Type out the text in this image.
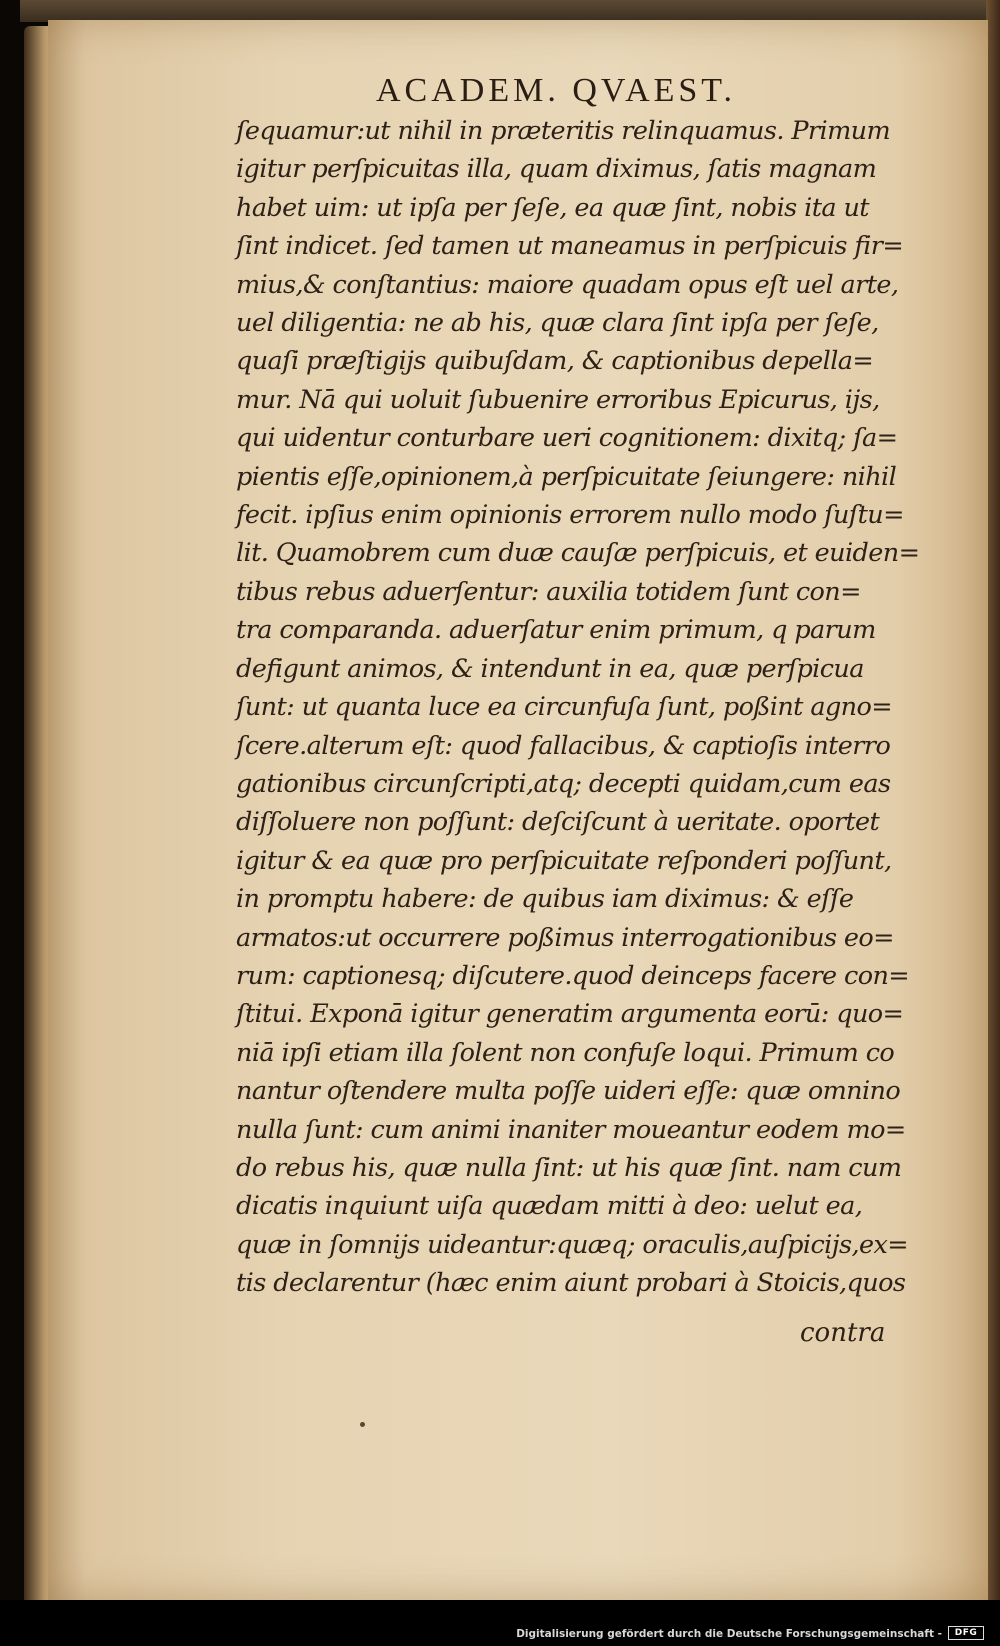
ACADEM. QVAEST.
ſequamur:ut nihil in præteritis relinquamus. Primum
igitur perſpicuitas illa, quam diximus, ſatis magnam
habet uim: ut ipſa per ſeſe, ea quæ ſint, nobis ita ut
ſint indicet. ſed tamen ut maneamus in perſpicuis fir=
mius,& conſtantius: maiore quadam opus eſt uel arte,
uel diligentia: ne ab his, quæ clara ſint ipſa per ſeſe,
quaſi præſtigijs quibuſdam, & captionibus depella=
mur. Nā qui uoluit ſubuenire erroribus Epicurus, ijs,
qui uidentur conturbare ueri cognitionem: dixitq; ſa=
pientis eſſe,opinionem,à perſpicuitate ſeiungere: nihil
fecit. ipſius enim opinionis errorem nullo modo ſuſtu=
lit. Quamobrem cum duæ cauſæ perſpicuis, et euiden=
tibus rebus aduerſentur: auxilia totidem ſunt con=
tra comparanda. aduerſatur enim primum, q parum
defigunt animos, & intendunt in ea, quæ perſpicua
ſunt: ut quanta luce ea circunfuſa ſunt, poßint agno=
ſcere.alterum eſt: quod fallacibus, & captioſis interro
gationibus circunſcripti,atq; decepti quidam,cum eas
diſſoluere non poſſunt: deſciſcunt à ueritate. oportet
igitur & ea quæ pro perſpicuitate reſponderi poſſunt,
in promptu habere: de quibus iam diximus: & eſſe
armatos:ut occurrere poßimus interrogationibus eo=
rum: captionesq; diſcutere.quod deinceps facere con=
ſtitui. Exponā igitur generatim argumenta eorū: quo=
niā ipſi etiam illa ſolent non confuſe loqui. Primum co
nantur oſtendere multa poſſe uideri eſſe: quæ omnino
nulla ſunt: cum animi inaniter moueantur eodem mo=
do rebus his, quæ nulla ſint: ut his quæ ſint. nam cum
dicatis inquiunt uiſa quædam mitti à deo: uelut ea,
quæ in ſomnijs uideantur:quæq; oraculis,auſpicijs,ex=
tis declarentur (hæc enim aiunt probari à Stoicis,quos
contra
Digitalisierung gefördert durch die Deutsche Forschungsgemeinschaft - DFG
